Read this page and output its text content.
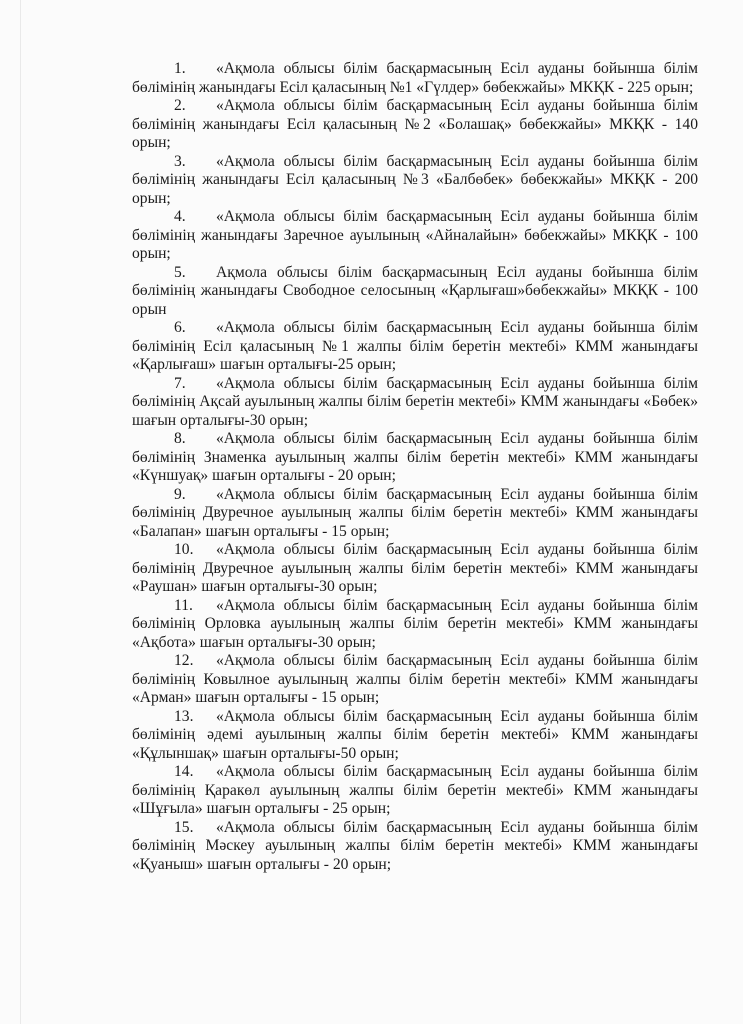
1. «Ақмола облысы білім басқармасының Есіл ауданы бойынша білім бөлімінің жанындағы Есіл қаласының №1 «Гүлдер» бөбекжайы» МКҚК - 225 орын;

2. «Ақмола облысы білім басқармасының Есіл ауданы бойынша білім бөлімінің жанындағы Есіл қаласының №2 «Болашақ» бөбекжайы» МКҚК - 140 орын;

3. «Ақмола облысы білім басқармасының Есіл ауданы бойынша білім бөлімінің жанындағы Есіл қаласының №3 «Балбөбек» бөбекжайы» МКҚК - 200 орын;

4. «Ақмола облысы білім басқармасының Есіл ауданы бойынша білім бөлімінің жанындағы Заречное ауылының «Айналайын» бөбекжайы» МКҚК - 100 орын;

5. Ақмола облысы білім басқармасының Есіл ауданы бойынша білім бөлімінің жанындағы Свободное селосының «Қарлығаш»бөбекжайы» МКҚК - 100 орын

6. «Ақмола облысы білім басқармасының Есіл ауданы бойынша білім бөлімінің Есіл қаласының №1 жалпы білім беретін мектебі» КММ жанындағы «Қарлығаш» шағын орталығы-25 орын;

7. «Ақмола облысы білім басқармасының Есіл ауданы бойынша білім бөлімінің Ақсай ауылының жалпы білім беретін мектебі» КММ жанындағы «Бөбек» шағын орталығы-30 орын;

8. «Ақмола облысы білім басқармасының Есіл ауданы бойынша білім бөлімінің Знаменка ауылының жалпы білім беретін мектебі» КММ жанындағы «Күншуақ» шағын орталығы - 20 орын;

9. «Ақмола облысы білім басқармасының Есіл ауданы бойынша білім бөлімінің Двуречное ауылының жалпы білім беретін мектебі» КММ жанындағы «Балапан» шағын орталығы - 15 орын;

10. «Ақмола облысы білім басқармасының Есіл ауданы бойынша білім бөлімінің Двуречное ауылының жалпы білім беретін мектебі» КММ жанындағы «Раушан» шағын орталығы-30 орын;

11. «Ақмола облысы білім басқармасының Есіл ауданы бойынша білім бөлімінің Орловка ауылының жалпы білім беретін мектебі» КММ жанындағы «Ақбота» шағын орталығы-30 орын;

12. «Ақмола облысы білім басқармасының Есіл ауданы бойынша білім бөлімінің Ковылное ауылының жалпы білім беретін мектебі» КММ жанындағы «Арман» шағын орталығы - 15 орын;

13. «Ақмола облысы білім басқармасының Есіл ауданы бойынша білім бөлімінің әдемі ауылының жалпы білім беретін мектебі» КММ жанындағы «Құлыншақ» шағын орталығы-50 орын;

14. «Ақмола облысы білім басқармасының Есіл ауданы бойынша білім бөлімінің Қаракөл ауылының жалпы білім беретін мектебі» КММ жанындағы «Шұғыла» шағын орталығы - 25 орын;

15. «Ақмола облысы білім басқармасының Есіл ауданы бойынша білім бөлімінің Мәскеу ауылының жалпы білім беретін мектебі» КММ жанындағы «Қуаныш» шағын орталығы - 20 орын;
